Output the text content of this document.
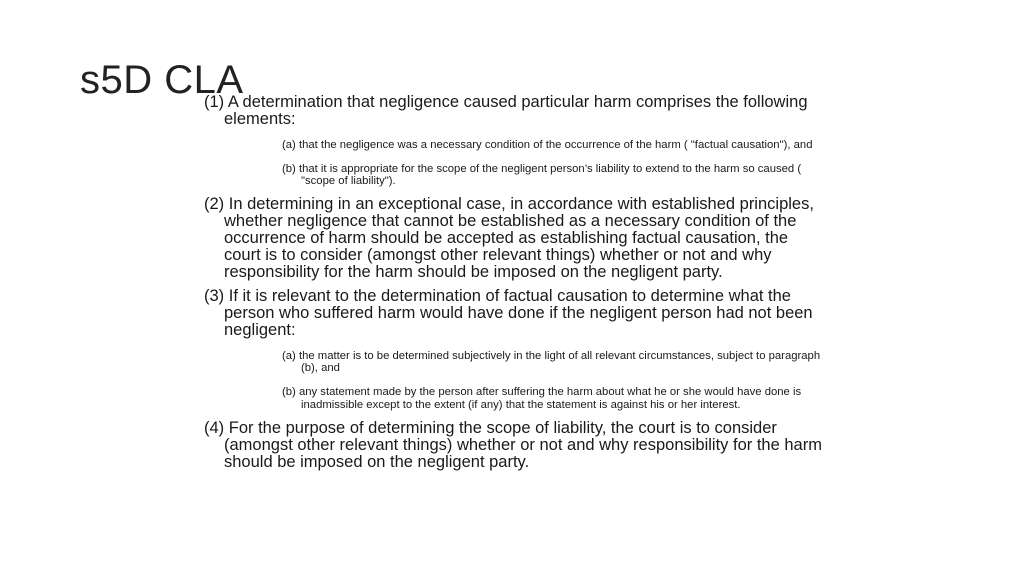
s5D CLA

(1) A determination that negligence caused particular harm comprises the following elements:

(a) that the negligence was a necessary condition of the occurrence of the harm ( "factual causation"), and

(b) that it is appropriate for the scope of the negligent person’s liability to extend to the harm so caused ( "scope of liability").

(2) In determining in an exceptional case, in accordance with established principles, whether negligence that cannot be established as a necessary condition of the occurrence of harm should be accepted as establishing factual causation, the court is to consider (amongst other relevant things) whether or not and why responsibility for the harm should be imposed on the negligent party.

(3) If it is relevant to the determination of factual causation to determine what the person who suffered harm would have done if the negligent person had not been negligent:

(a) the matter is to be determined subjectively in the light of all relevant circumstances, subject to paragraph (b), and

(b) any statement made by the person after suffering the harm about what he or she would have done is inadmissible except to the extent (if any) that the statement is against his or her interest.

(4) For the purpose of determining the scope of liability, the court is to consider (amongst other relevant things) whether or not and why responsibility for the harm should be imposed on the negligent party.
